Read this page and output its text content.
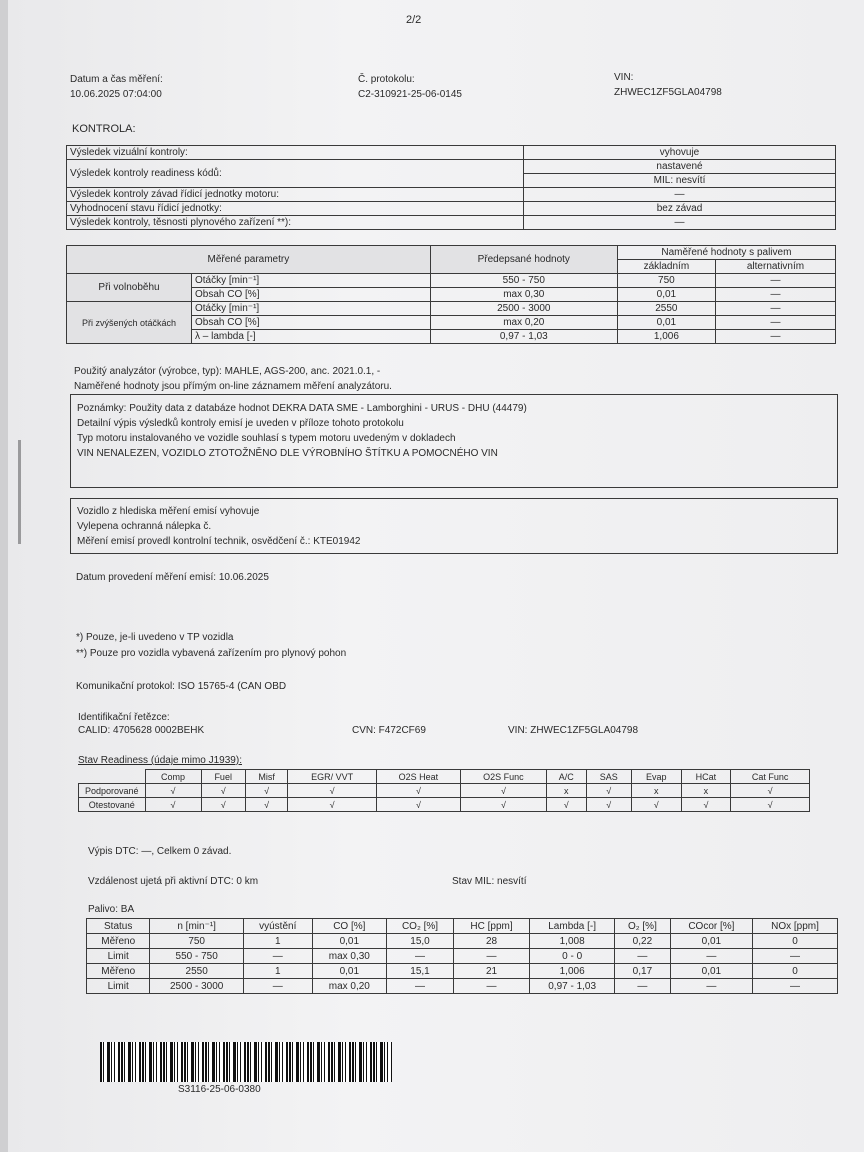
2/2
Datum a čas měření:
10.06.2025 07:04:00
Č. protokolu:
C2-310921-25-06-0145
VIN:
ZHWEC1ZF5GLA04798
KONTROLA:
Výsledek vizuální kontroly:	vyhovuje
Výsledek kontroly readiness kódů:	nastavené
	MIL: nesvítí
Výsledek kontroly závad řídicí jednotky motoru:	—
Vyhodnocení stavu řídicí jednotky:	bez závad
Výsledek kontroly, těsnosti plynového zařízení **):	—
Měřené parametry		Předepsané hodnoty	Naměřené hodnoty s palivem	
			základním	alternativním
Při volnoběhu	Otáčky [min⁻¹]	550 - 750	750	—
	Obsah CO [%]	max 0,30	0,01	—
Při zvýšených otáčkách	Otáčky [min⁻¹]	2500 - 3000	2550	—
	Obsah CO [%]	max 0,20	0,01	—
	λ – lambda [-]	0,97 - 1,03	1,006	—
Použitý analyzátor (výrobce, typ): MAHLE, AGS-200, anc. 2021.0.1, -
Naměřené hodnoty jsou přímým on-line záznamem měření analyzátoru.
Poznámky: Použity data z databáze hodnot DEKRA DATA SME - Lamborghini - URUS - DHU (44479)
Detailní výpis výsledků kontroly emisí je uveden v příloze tohoto protokolu
Typ motoru instalovaného ve vozidle souhlasí s typem motoru uvedeným v dokladech
VIN NENALEZEN, VOZIDLO ZTOTOŽNĚNO DLE VÝROBNÍHO ŠTÍTKU A POMOCNÉHO VIN
Vozidlo z hlediska měření emisí vyhovuje
Vylepena ochranná nálepka č.
Měření emisí provedl kontrolní technik, osvědčení č.: KTE01942
Datum provedení měření emisí: 10.06.2025
*) Pouze, je-li uvedeno v TP vozidla
**) Pouze pro vozidla vybavená zařízením pro plynový pohon
Komunikační protokol: ISO 15765-4 (CAN OBD
Identifikační řetězce:
CALID: 4705628 0002BEHK	CVN: F472CF69	VIN: ZHWEC1ZF5GLA04798
Stav Readiness (údaje mimo J1939):
	Comp	Fuel	Misf	EGR/ VVT	O2S Heat	O2S Func	A/C	SAS	Evap	HCat	Cat Func
Podporované	√	√	√	√	√	√	x	√	x	x	√
Otestované	√	√	√	√	√	√	√	√	√	√	√
Výpis DTC: —, Celkem 0 závad.
Vzdálenost ujetá při aktivní DTC: 0 km	Stav MIL: nesvítí
Palivo: BA
Status	n [min⁻¹]	vyústění	CO [%]	CO₂ [%]	HC [ppm]	Lambda [-]	O₂ [%]	COcor [%]	NOx [ppm]
Měřeno	750	1	0,01	15,0	28	1,008	0,22	0,01	0
Limit	550 - 750	—	max 0,30	—	—	0 - 0	—	—	—
Měřeno	2550	1	0,01	15,1	21	1,006	0,17	0,01	0
Limit	2500 - 3000	—	max 0,20	—	—	0,97 - 1,03	—	—	—
S3116-25-06-0380
